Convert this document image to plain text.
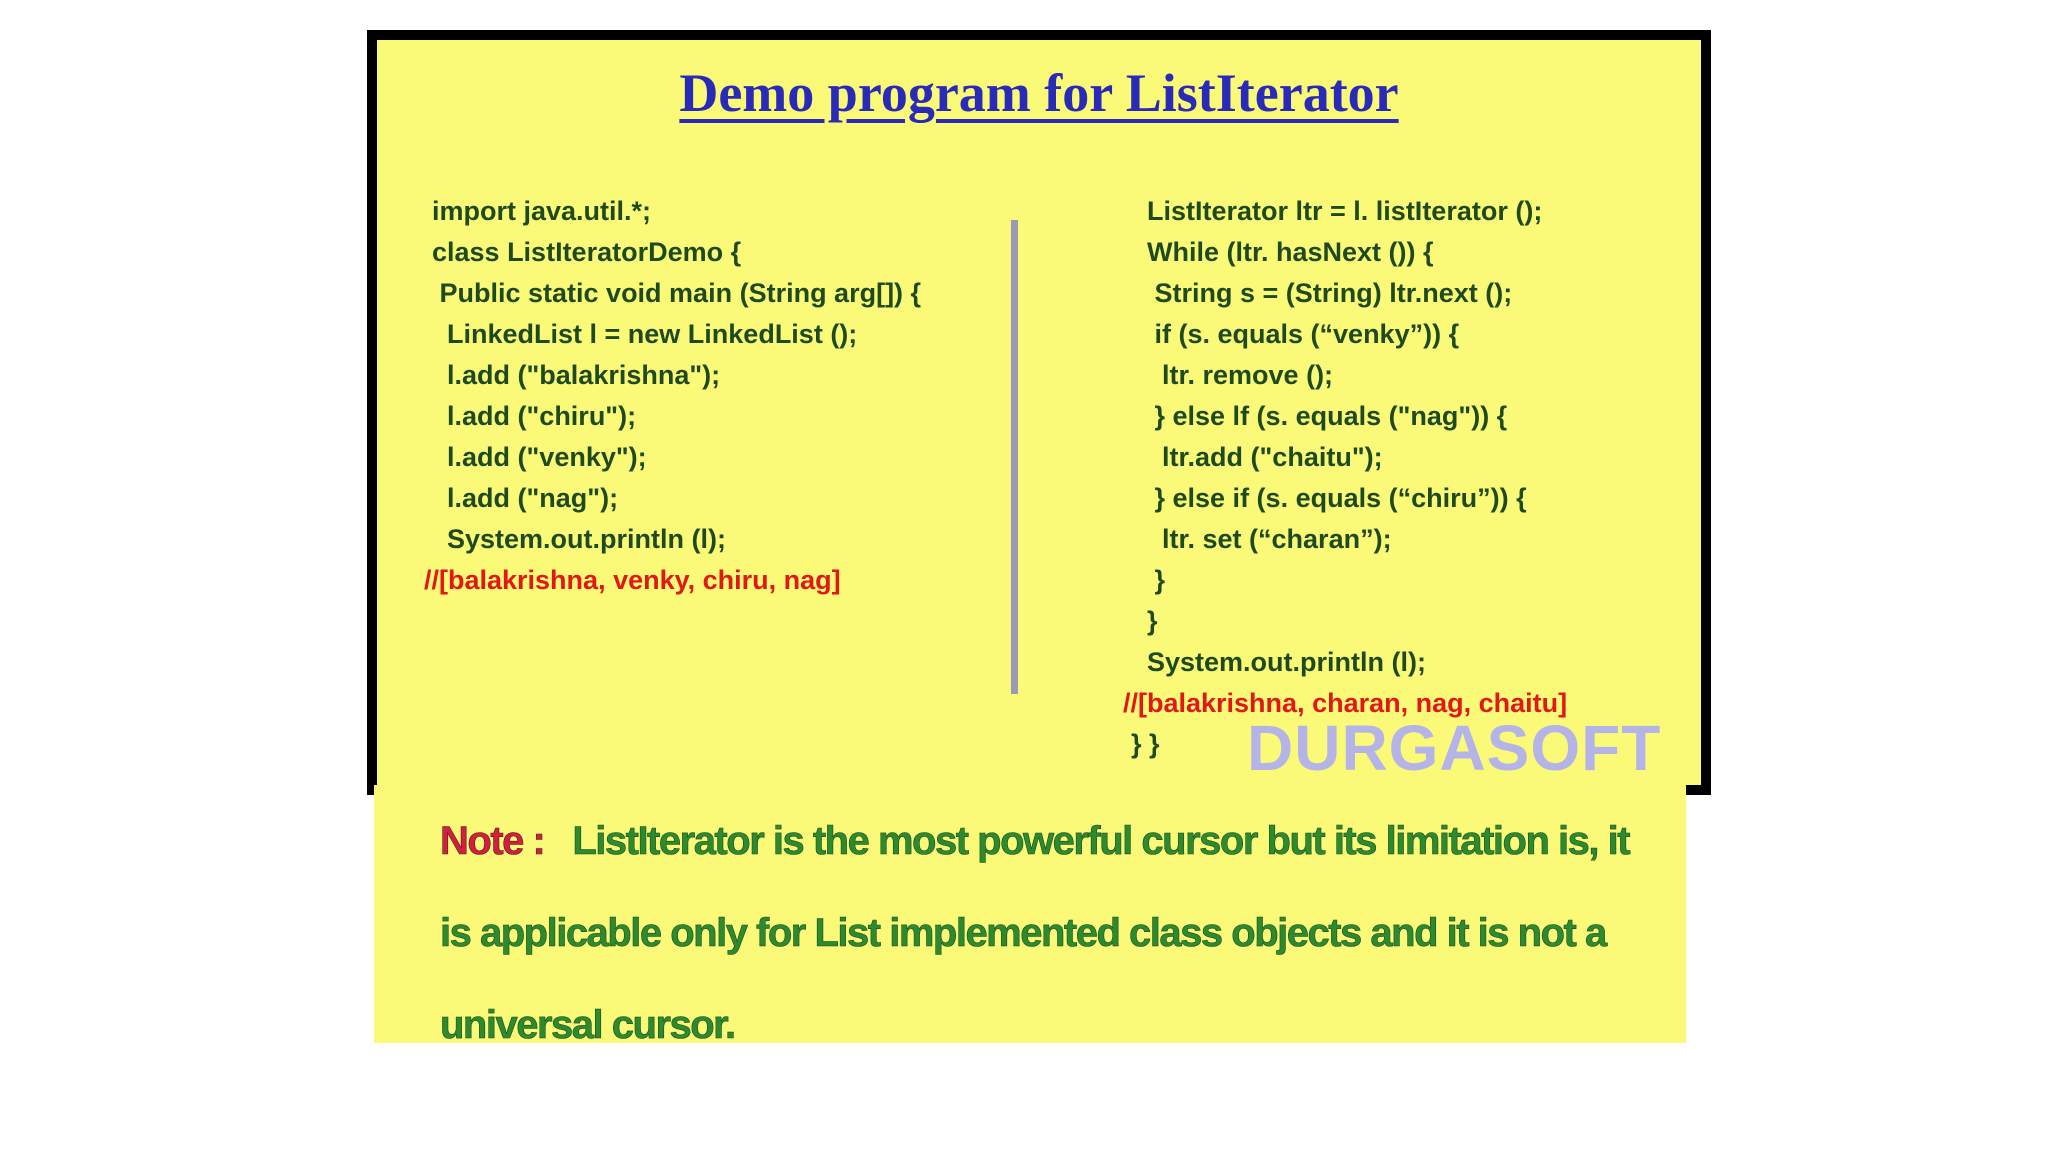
Demo program for ListIterator
import java.util.*;
class ListIteratorDemo {
Public static void main (String arg[]) {
LinkedList l = new LinkedList ();
l.add ("balakrishna");
l.add ("chiru");
l.add ("venky");
l.add ("nag");
System.out.println (l);
//[balakrishna, venky, chiru, nag]
ListIterator ltr = l. listIterator ();
While (ltr. hasNext ()) {
String s = (String) ltr.next ();
if (s. equals (“venky”)) {
ltr. remove ();
} else lf (s. equals ("nag")) {
ltr.add ("chaitu");
} else if (s. equals (“chiru”)) {
ltr. set (“charan”);
}
}
System.out.println (l);
//[balakrishna, charan, nag, chaitu]
} }	DURGASOFT
Note : ListIterator is the most powerful cursor but its limitation is, it is applicable only for List implemented class objects and it is not a universal cursor.
